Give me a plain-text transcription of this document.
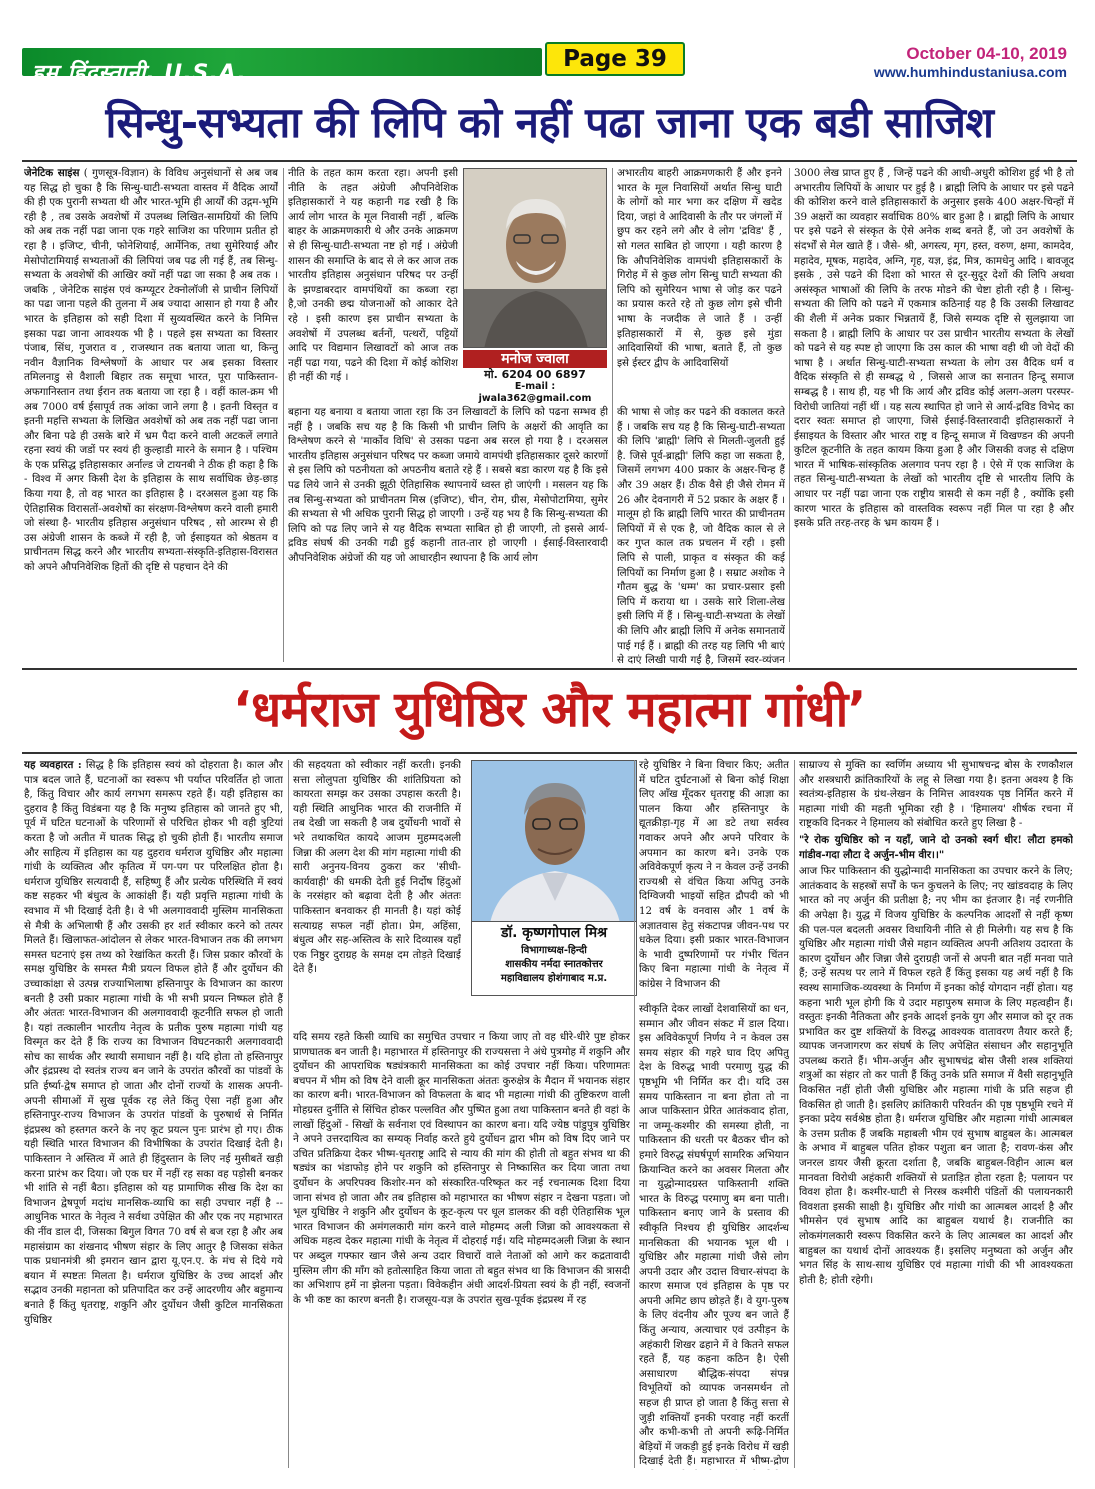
हम हिंदुस्तानी, U.S.A.
Page 39	October 04-10, 2019
www.humhindustaniusa.com
सिन्धु-सभ्यता की लिपि को नहीं पढा जाना एक बडी साजिश
जेनेटिक साइंस ( गुणसूत्र-विज्ञान) के विविध अनुसंधानों से अब जब यह सिद्ध हो चुका है कि सिन्धु-घाटी-सभ्यता वास्तव में वैदिक आर्यों की ही एक पुरानी सभ्यता थी और भारत-भूमि ही आर्यों की उद्गम-भूमि रही है , तब उसके अवशेषों में उपलब्ध लिखित-सामग्रियों की लिपि को अब तक नहीं पढा जाना एक गहरे साजिश का परिणाम प्रतीत हो रहा है । इजिप्ट, चीनी, फोनेशियाई, आर्मेनिक, तथा सुमेरियाई और मेसोपोटामियाई सभ्यताओं की लिपियां जब पढ ली गई हैं, तब सिन्धु-सभ्यता के अवशेषों की आखिर क्यों नहीं पढा जा सका है अब तक । जबकि , जेनेटिक साइंस एवं कम्प्यूटर टेक्नोलॉजी से प्राचीन लिपियों का पढा जाना पहले की तुलना में अब ज्यादा आसान हो गया है और भारत के इतिहास को सही दिशा में सुव्यवस्थित करने के निमित्त इसका पढा जाना आवश्यक भी है । पहले इस सभ्यता का विस्तार पंजाब, सिंध, गुजरात व , राजस्थान तक बताया जाता था, किन्तु नवीन वैज्ञानिक विश्लेषणों के आधार पर अब इसका विस्तार तमिलनाडु से वैशाली बिहार तक समूचा भारत, पूरा पाकिस्तान-अफगानिस्तान तथा ईरान तक बताया जा रहा है । वहीं काल-क्रम भी अब 7000 वर्ष ईसापूर्व तक आंका जाने लगा है । इतनी विस्तृत व इतनी महत्ति सभ्यता के लिखित अवशेषों को अब तक नहीं पढा जाना और बिना पढे ही उसके बारे में भ्रम पैदा करने वाली अटकलें लगाते रहना स्वयं की जडों पर स्वयं ही कुल्हाडी मारने के समान है । पश्चिम के एक प्रसिद्ध इतिहासकार अर्नाल्ड जे टायनबी ने ठीक ही कहा है कि - विश्व में अगर किसी देश के इतिहास के साथ सर्वाधिक छेड़-छाड़ किया गया है, तो वह भारत का इतिहास है । दरअसल हुआ यह कि ऐतिहासिक विरासतों-अवशेषों का संरक्षण-विश्लेषण करने वाली हमारी जो संस्था है- भारतीय इतिहास अनुसंधान परिषद , सो आरम्भ से ही उस अंग्रेजी शासन के कब्जे में रही है, जो ईसाइयत को श्रेष्ठतम व प्राचीनतम सिद्ध करने और भारतीय सभ्यता-संस्कृति-इतिहास-विरासत को अपने औपनिवेशिक हितों की दृष्टि से पहचान देने की
नीति के तहत काम करता रहा। अपनी इसी नीति के तहत अंग्रेजी औपनिवेशिक इतिहासकारों ने यह कहानी गढ रखी है कि आर्य लोग भारत के मूल निवासी नहीं , बल्कि बाहर के आक्रमणकारी थे और उनके आक्रमण से ही सिन्धु-घाटी-सभ्यता नष्ट हो गई । अंग्रेजी शासन की समाप्ति के बाद से ले कर आज तक भारतीय इतिहास अनुसंधान परिषद पर उन्हीं के झण्डाबरदार वामपंथियों का कब्जा रहा है,जो उनकी छद्म योजनाओं को आकार देते रहे । इसी कारण इस प्राचीन सभ्यता के अवशेषों में उपलब्ध बर्तनों, पत्थरों, पट्टियों आदि पर विद्यमान लिखावटों को आज तक नहीं पढा गया, पढने की दिशा में कोई कोशिश ही नहीं की गई ।
मनोज ज्वाला
मो. 6204 00 6897
E-mail : jwala362@gmail.com
बहाना यह बनाया व बताया जाता रहा कि उन लिखावटों के लिपि को पढना सम्भव ही नहीं है । जबकि सच यह है कि किसी भी प्राचीन लिपि के अक्षरों की आवृति का विश्लेषण करने से 'मार्कोव विधि' से उसका पढना अब सरल हो गया है । दरअसल भारतीय इतिहास अनुसंधान परिषद पर कब्जा जमाये वामपंथी इतिहासकार दूसरे कारणों से इस लिपि को पठनीयता को अपठनीय बताते रहे हैं । सबसे बडा कारण यह है कि इसे पढ लिये जाने से उनकी झूठी ऐतिहासिक स्थापनायें ध्वस्त हो जाएंगी । मसलन यह कि तब सिन्धु-सभ्यता को प्राचीनतम मिस्र (इजिप्ट), चीन, रोम, ग्रीस, मेसोपोटामिया, सुमेर की सभ्यता से भी अधिक पुरानी सिद्ध हो जाएगी । उन्हें यह भय है कि सिन्धु-सभ्यता की लिपि को पढ लिए जाने से यह वैदिक सभ्यता साबित हो ही जाएगी, तो इससे आर्य-द्रविड संघर्ष की उनकी गढी हुई कहानी तात-तार हो जाएगी । ईसाई-विस्तारवादी औपनिवेशिक अंग्रेजों की यह जो आधारहीन स्थापना है कि आर्य लोग
अभारतीय बाहरी आक्रमणकारी हैं और इनने भारत के मूल निवासियों अर्थात सिन्धु घाटी के लोगों को मार भगा कर दक्षिण में खदेड दिया, जहां वे आदिवासी के तौर पर जंगलों में छुप कर रहने लगे और वे लोग 'द्रविड' हैं , सो गलत साबित हो जाएगा । यही कारण है कि औपनिवेशिक वामपंथी इतिहासकारों के गिरोह में से कुछ लोग सिन्धु घाटी सभ्यता की लिपि को सुमेरियन भाषा से जोड़ कर पढने का प्रयास करते रहे तो कुछ लोग इसे चीनी भाषा के नजदीक ले जाते हैं । उन्हीं इतिहासकारों में से, कुछ इसे मुंडा आदिवासियों की भाषा, बताते हैं, तो कुछ इसे ईस्टर द्वीप के आदिवासियों
की भाषा से जोड़ कर पढने की वकालत करते हैं । जबकि सच यह है कि सिन्धु-घाटी-सभ्यता की लिपि 'ब्राह्मी' लिपि से मिलती-जुलती हुई है. जिसे पूर्व-ब्राह्मी' लिपि कहा जा सकता है, जिसमें लगभग 400 प्रकार के अक्षर-चिन्ह हैं और 39 अक्षर हैं। ठीक वैसे ही जैसे रोमन में 26 और देवनागरी में 52 प्रकार के अक्षर हैं । मालूम हो कि ब्राह्मी लिपि भारत की प्राचीनतम लिपियों में से एक है, जो वैदिक काल से ले कर गुप्त काल तक प्रचलन में रही । इसी लिपि से पाली, प्राकृत व संस्कृत की कई लिपियों का निर्माण हुआ है । सम्राट अशोक ने गौतम बुद्ध के 'धम्म' का प्रचार-प्रसार इसी लिपि में कराया था । उसके सारे शिला-लेख इसी लिपि में हैं । सिन्धु-घाटी-सभ्यता के लेखों की लिपि और ब्राह्मी लिपि में अनेक समानतायें पाई गई हैं । ब्राह्मी की तरह यह लिपि भी बाएं से दाएं लिखी पायी गई है, जिसमें स्वर-व्यंजन
3000 लेख प्राप्त हुए हैं , जिन्हें पढने की आधी-अधुरी कोशिश हुई भी है तो अभारतीय लिपियों के आधार पर हुई है । ब्राह्मी लिपि के आधार पर इसे पढने की कोशिश करने वाले इतिहासकारों के अनुसार इसके 400 अक्षर-चिन्हों में 39 अक्षरों का व्यवहार सर्वाधिक 80% बार हुआ है । ब्राह्मी लिपि के आधार पर इसे पढने से संस्कृत के ऐसे अनेक शब्द बनते हैं, जो उन अवशेषों के संदर्भों से मेल खाते हैं । जैसे- श्री, अगस्त्य, मृग, हस्त, वरुण, क्षमा, कामदेव, महादेव, मूषक, महादेव, अग्नि, गृह, यज्ञ, इंद्र, मित्र, कामधेनु आदि । बावजूद इसके , उसे पढने की दिशा को भारत से दूर-सुदूर देशों की लिपि अथवा असंस्कृत भाषाओं की लिपि के तरफ मोडने की चेष्टा होती रही है । सिन्धु-सभ्यता की लिपि को पढने में एकमात्र कठिनाई यह है कि उसकी लिखावट की शैली में अनेक प्रकार भिन्नतायें हैं, जिसे सम्यक दृष्टि से सुलझाया जा सकता है । ब्राह्मी लिपि के आधार पर उस प्राचीन भारतीय सभ्यता के लेखों को पढने से यह स्पष्ट हो जाएगा कि उस काल की भाषा वही थी जो वेदों की भाषा है । अर्थात सिन्धु-घाटी-सभ्यता सभ्यता के लोग उस वैदिक धर्म व वैदिक संस्कृति से ही सम्बद्ध थे , जिससे आज का सनातन हिन्दू समाज सम्बद्ध है । साथ ही, यह भी कि आर्य और द्रविड कोई अलग-अलग परस्पर-विरोधी जातियां नहीं थीं । यह सत्य स्थापित हो जाने से आर्य-द्रविड विभेद का दरार स्वतः समाप्त हो जाएगा, जिसे ईसाई-विस्तारवादी इतिहासकारों ने ईसाइयत के विस्तार और भारत राष्ट्र व हिन्दू समाज में विखण्डन की अपनी कुटिल कूटनीति के तहत कायम किया हुआ है और जिसकी वजह से दक्षिण भारत में भाषिक-सांस्कृतिक अलगाव पनप रहा है । ऐसे में एक साजिश के तहत सिन्धु-घाटी-सभ्यता के लेखों को भारतीय दृष्टि से भारतीय लिपि के आधार पर नहीं पढा जाना एक राष्ट्रीय त्रासदी से कम नहीं है , क्योंकि इसी कारण भारत के इतिहास को वास्तविक स्वरूप नहीं मिल पा रहा है और इसके प्रति तरह-तरह के भ्रम कायम हैं ।
‘धर्मराज युधिष्ठिर और महात्मा गांधी’
यह व्यवहारत : सिद्ध है कि इतिहास स्वयं को दोहराता है। काल और पात्र बदल जाते हैं, घटनाओं का स्वरूप भी पर्याप्त परिवर्तित हो जाता है, किंतु विचार और कार्य लगभग समरूप रहते हैं। यही इतिहास का दुहराव है किंतु विडंबना यह है कि मनुष्य इतिहास को जानते हुए भी, पूर्व में घटित घटनाओं के परिणामों से परिचित होकर भी वही त्रुटियां करता है जो अतीत में घातक सिद्ध हो चुकी होती हैं। भारतीय समाज और साहित्य में इतिहास का यह दुहराव धर्मराज युधिष्ठिर और महात्मा गांधी के व्यक्तित्व और कृतित्व में पग-पग पर परिलक्षित होता है। धर्मराज युधिष्ठिर सत्यवादी हैं, सहिष्णु हैं और प्रत्येक परिस्थिति में स्वयं कष्ट सहकर भी बंधुत्व के आकांक्षी हैं। यही प्रवृत्ति महात्मा गांधी के स्वभाव में भी दिखाई देती है। वे भी अलगाववादी मुस्लिम मानसिकता से मैत्री के अभिलाषी हैं और उसकी हर शर्त स्वीकार करने को तत्पर मिलते हैं। खिलाफत-आंदोलन से लेकर भारत-विभाजन तक की लगभग समस्त घटनाएं इस तथ्य को रेखांकित करती हैं। जिस प्रकार कौरवों के समक्ष युधिष्ठिर के समस्त मैत्री प्रयत्न विफल होते हैं और दुर्योधन की उच्चाकांक्षा से उत्पन्न राज्याभिलाषा हस्तिनापुर के विभाजन का कारण बनती है उसी प्रकार महात्मा गांधी के भी सभी प्रयत्न निष्फल होते हैं और अंततः भारत-विभाजन की अलगाववादी कूटनीति सफल हो जाती है। यहां तत्कालीन भारतीय नेतृत्व के प्रतीक पुरुष महात्मा गांधी यह विस्मृत कर देते हैं कि राज्य का विभाजन विघटनकारी अलगाववादी सोच का सार्थक और स्थायी समाधान नहीं है। यदि होता तो हस्तिनापुर और इंद्रप्रस्थ दो स्वतंत्र राज्य बन जाने के उपरांत कौरवों का पांडवों के प्रति ईर्ष्या-द्वेष समाप्त हो जाता और दोनों राज्यों के शासक अपनी-अपनी सीमाओं में सुख पूर्वक रह लेते किंतु ऐसा नहीं हुआ और हस्तिनापुर-राज्य विभाजन के उपरांत पांडवों के पुरुषार्थ से निर्मित इंद्रप्रस्थ को हस्तगत करने के नए कूट प्रयत्न पुनः प्रारंभ हो गए। ठीक यही स्थिति भारत विभाजन की विभीषिका के उपरांत दिखाई देती है। पाकिस्तान ने अस्तित्व में आते ही हिंदुस्तान के लिए नई मुसीबतें खड़ी करना प्रारंभ कर दिया। जो एक घर में नहीं रह सका वह पड़ोसी बनकर भी शांति से नहीं बैठा। इतिहास को यह प्रामाणिक सीख कि देश का विभाजन द्वेषपूर्ण मदांध मानसिक-व्याधि का सही उपचार नहीं है -- आधुनिक भारत के नेतृत्व ने सर्वथा उपेक्षित की और एक नए महाभारत की नींव डाल दी, जिसका बिगुल विगत 70 वर्ष से बज रहा है और अब महासंग्राम का शंखनाद भीषण संहार के लिए आतुर है जिसका संकेत पाक प्रधानमंत्री श्री इमरान खान द्वारा यू.एन.ए. के मंच से दिये गये बयान में स्पष्टतः मिलता है। धर्मराज युधिष्ठिर के उच्च आदर्श और सद्भाव उनकी महानता को प्रतिपादित कर उन्हें आदरणीय और बहुमान्य बनाते हैं किंतु धृतराष्ट्र, शकुनि और दुर्योधन जैसी कुटिल मानसिकता युधिष्ठिर
की सहदयता को स्वीकार नहीं करती। इनकी सत्ता लोलुपता युधिष्ठिर की शांतिप्रियता को कायरता समझ कर उसका उपहास करती है। यही स्थिति आधुनिक भारत की राजनीति में तब देखी जा सकती है जब दुर्योधनी भावों से भरे तथाकथित कायदे आजम मुहम्मदअली जिन्ना की अलग देश की मांग महात्मा गांधी की सारी अनुनय-विनय ठुकरा कर 'सीधी-कार्यवाही' की धमकी देती हुई निर्दोष हिंदुओं के नरसंहार को बढ़ावा देती है और अंततः पाकिस्तान बनवाकर ही मानती है। यहां कोई सत्याग्रह सफल नहीं होता। प्रेम, अहिंसा, बंधुत्व और सह-अस्तित्व के सारे दिव्यास्त्र यहाँ एक निष्ठुर दुराग्रह के समक्ष दम तोड़ते दिखाई देते हैं।
डॉ. कृष्णगोपाल मिश्र
विभागाध्यक्ष-हिन्दी
शासकीय नर्मदा स्नातकोत्तर
महाविद्यालय होशंगाबाद म.प्र.
यदि समय रहते किसी व्याधि का समुचित उपचार न किया जाए तो वह धीरे-धीरे पुष्ट होकर प्राणघातक बन जाती है। महाभारत में हस्तिनापुर की राज्यसत्ता ने अंधे पुत्रमोह में शकुनि और दुर्योधन की आपराधिक षड्यंत्रकारी मानसिकता का कोई उपचार नहीं किया। परिणामतः बचपन में भीम को विष देने वाली क्रूर मानसिकता अंततः कुरुक्षेत्र के मैदान में भयानक संहार का कारण बनी। भारत-विभाजन को विफलता के बाद भी महात्मा गांधी की तुष्टिकरण वाली मोहग्रस्त दुर्नीति से सिंचित होकर पल्लवित और पुष्पित हुआ तथा पाकिस्तान बनते ही वहां के लाखों हिंदुओं - सिखों के सर्वनाश एवं विस्थापन का कारण बना। यदि ज्येष्ठ पांडुपुत्र युधिष्ठिर ने अपने उत्तरदायित्व का सम्यक् निर्वाह करते हुये दुर्योधन द्वारा भीम को विष दिए जाने पर उचित प्रतिक्रिया देकर भीष्म-धृतराष्ट्र आदि से न्याय की मांग की होती तो बहुत संभव था की षड्यंत्र का भंडाफोड़ होने पर शकुनि को हस्तिनापुर से निष्कासित कर दिया जाता तथा दुर्योधन के अपरिपक्व किशोर-मन को संस्कारित-परिष्कृत कर नई रचनात्मक दिशा दिया जाना संभव हो जाता और तब इतिहास को महाभारत का भीषण संहार न देखना पड़ता। जो भूल युधिष्ठिर ने शकुनि और दुर्योधन के कूट-कृत्य पर धूल डालकर की वही ऐतिहासिक भूल भारत विभाजन की अमंगलकारी मांग करने वाले मोहम्मद अली जिन्ना को आवश्यकता से अधिक महत्व देकर महात्मा गांधी के नेतृत्व में दोहराई गई। यदि मोहम्मदअली जिन्ना के स्थान पर अब्दुल गफ्फार खान जैसे अन्य उदार विचारों वाले नेताओं को आगे कर कद्रतावादी मुस्लिम लीग की माँग को हतोत्साहित किया जाता तो बहुत संभव था कि विभाजन की त्रासदी का अभिशाप हमें ना झेलना पड़ता। विवेकहीन अंधी आदर्श-प्रियता स्वयं के ही नहीं, स्वजनों के भी कष्ट का कारण बनती है। राजसूय-यज्ञ के उपरांत सुख-पूर्वक इंद्रप्रस्थ में रह
रहे युधिष्ठिर ने बिना विचार किए; अतीत में घटित दुर्घटनाओं से बिना कोई शिक्षा लिए आँख मूँदकर धृतराष्ट्र की आज्ञा का पालन किया और हस्तिनापुर के द्यूतक्रीड़ा-गृह में आ डटे तथा सर्वस्व गवाकर अपने और अपने परिवार के अपमान का कारण बने। उनके एक अविवेकपूर्ण कृत्य ने न केवल उन्हें उनकी राज्यश्री से वंचित किया अपितु उनके दिग्विजयी भाइयों सहित द्रौपदी को भी 12 वर्ष के वनवास और 1 वर्ष के अज्ञातवास हेतु संकटापन्न जीवन-पथ पर धकेल दिया। इसी प्रकार भारत-विभाजन के भावी दुष्परिणामों पर गंभीर चिंतन किए बिना महात्मा गांधी के नेतृत्व में कांग्रेस ने विभाजन की
स्वीकृति देकर लाखों देशवासियों का धन, सम्मान और जीवन संकट में डाल दिया। इस अविवेकपूर्ण निर्णय ने न केवल उस समय संहार की गहरे घाव दिए अपितु देश के विरुद्ध भावी परमाणु युद्ध की पृष्ठभूमि भी निर्मित कर दी। यदि उस समय पाकिस्तान ना बना होता तो ना आज पाकिस्तान प्रेरित आतंकवाद होता, ना जम्मू-कश्मीर की समस्या होती, ना पाकिस्तान की धरती पर बैठकर चीन को हमारे विरुद्ध संघर्षपूर्ण सामरिक अभियान क्रियान्वित करने का अवसर मिलता और ना युद्धोन्मादग्रस्त पाकिस्तानी शक्ति भारत के विरुद्ध परमाणु बम बना पाती। पाकिस्तान बनाए जाने के प्रस्ताव की स्वीकृति निश्चय ही युधिष्ठिर आदर्शन्ध मानसिकता की भयानक भूल थी । युधिष्ठिर और महात्मा गांधी जैसे लोग अपनी उदार और उदात्त विचार-संपदा के कारण समाज एवं इतिहास के पृष्ठ पर अपनी अमिट छाप छोड़ते हैं। वे युग-पुरुष के लिए वंदनीय और पूज्य बन जाते हैं किंतु अन्याय, अत्याचार एवं उत्पीड़न के अहंकारी शिखर ढहाने में वे कितने सफल रहते हैं, यह कहना कठिन है। ऐसी असाधारण बौद्धिक-संपदा संपन्न विभूतियों को व्यापक जनसमर्थन तो सहज ही प्राप्त हो जाता है किंतु सत्ता से जुड़ी शक्तियाँ इनकी परवाह नहीं करतीं और कभी-कभी तो अपनी रूढ़ि-निर्मित बेड़ियों में जकड़ी हुई इनके विरोध में खड़ी दिखाई देती हैं। महाभारत में भीष्म-द्रोण
साम्राज्य से मुक्ति का स्वर्णिम अध्याय भी सुभाषचन्द्र बोस के रणकौशल और शस्त्रधारी क्रांतिकारियों के लहू से लिखा गया है। इतना अवश्य है कि स्वतंत्र्य-इतिहास के ग्रंथ-लेखन के निमित्त आवश्यक पृष्ठ निर्मित करने में महात्मा गांधी की महती भूमिका रही है । 'हिमालय' शीर्षक रचना में राष्ट्रकवि दिनकर ने हिमालय को संबोधित करते हुए लिखा है -
"रे रोक युधिष्ठिर को न यहाँ, जाने दो उनको स्वर्ग धीर! लौटा हमको गांडीव-गदा लौटा दे अर्जुन-भीम वीर।।"
आज फिर पाकिस्तान की युद्धोन्मादी मानसिकता का उपचार करने के लिए; आतंकवाद के सहस्त्रों सर्पों के फन कुचलने के लिए; नए खांडवदाह के लिए भारत को नए अर्जुन की प्रतीक्षा है; नए भीम का इंतजार है। नई रणनीति की अपेक्षा है। युद्ध में विजय युधिष्ठिर के कल्पनिक आदर्शों से नहीं कृष्ण की पल-पल बदलती अवसर विधायिनी नीति से ही मिलेगी। यह सच है कि युधिष्ठिर और महात्मा गांधी जैसे महान व्यक्तित्व अपनी अतिशय उदारता के कारण दुर्योधन और जिन्ना जैसे दुराग्रही जनों से अपनी बात नहीं मनवा पाते हैं; उन्हें सत्पथ पर लाने में विफल रहते हैं किंतु इसका यह अर्थ नहीं है कि स्वस्थ सामाजिक-व्यवस्था के निर्माण में इनका कोई योगदान नहीं होता। यह कहना भारी भूल होगी कि ये उदार महापुरुष समाज के लिए महत्वहीन हैं। वस्तुतः इनकी नैतिकता और इनके आदर्श इनके युग और समाज को दूर तक प्रभावित कर दुष्ट शक्तियों के विरुद्ध आवश्यक वातावरण तैयार करते हैं; व्यापक जनजागरण कर संघर्ष के लिए अपेक्षित संसाधन और सहानुभूति उपलब्ध कराते हैं। भीम-अर्जुन और सुभाषचंद्र बोस जैसी शस्त्र शक्तियां शत्रुओं का संहार तो कर पाती हैं किंतु उनके प्रति समाज में वैसी सहानुभूति विकसित नहीं होती जैसी युधिष्ठिर और महात्मा गांधी के प्रति सहज ही विकसित हो जाती है। इसलिए क्रांतिकारी परिवर्तन की पृष्ठ पृष्ठभूमि रचने में इनका प्रदेय सर्वश्रेष्ठ होता है। धर्मराज युधिष्ठिर और महात्मा गांधी आत्मबल के उत्तम प्रतीक हैं जबकि महाबली भीम एवं सुभाष बाहुबल के। आत्मबल के अभाव में बाहुबल पतित होकर पशुता बन जाता है; रावण-कंस और जनरल डायर जैसी क्रूरता दर्शाता है, जबकि बाहुबल-विहीन आत्म बल मानवता विरोधी अहंकारी शक्तियों से प्रताड़ित होता रहता है; पलायन पर विवश होता है। कश्मीर-घाटी से निरस्त्र कश्मीरी पंडितों की पलायनकारी विवशता इसकी साक्षी है। युधिष्ठिर और गांधी का आत्मबल आदर्श है और भीमसेन एवं सुभाष आदि का बाहुबल यथार्थ है। राजनीति का लोकमंगलकारी स्वरूप विकसित करने के लिए आत्मबल का आदर्श और बाहुबल का यथार्थ दोनों आवश्यक हैं। इसलिए मनुष्यता को अर्जुन और भगत सिंह के साथ-साथ युधिष्ठिर एवं महात्मा गांधी की भी आवश्यकता होती है; होती रहेगी।
